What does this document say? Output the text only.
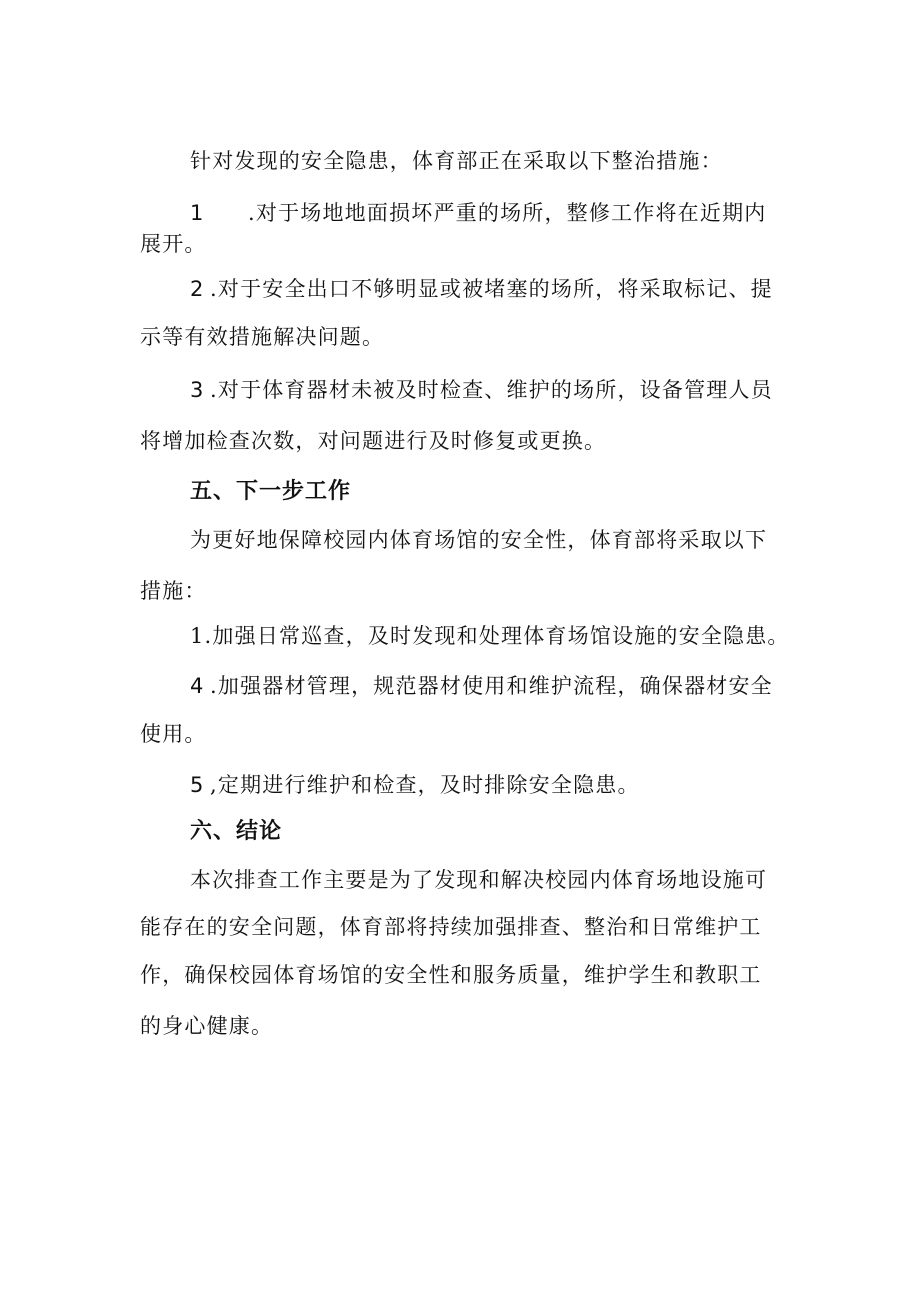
针对发现的安全隐患，体育部正在采取以下整治措施：
1 .对于场地地面损坏严重的场所，整修工作将在近期内
展开。
2 .对于安全出口不够明显或被堵塞的场所，将采取标记、提
示等有效措施解决问题。
3 .对于体育器材未被及时检查、维护的场所，设备管理人员
将增加检查次数，对问题进行及时修复或更换。
五、下一步工作
为更好地保障校园内体育场馆的安全性，体育部将采取以下
措施：
1.加强日常巡查，及时发现和处理体育场馆设施的安全隐患。
4 .加强器材管理，规范器材使用和维护流程，确保器材安全
使用。
5 ,定期进行维护和检查，及时排除安全隐患。
六、结论
本次排查工作主要是为了发现和解决校园内体育场地设施可
能存在的安全问题，体育部将持续加强排查、整治和日常维护工
作，确保校园体育场馆的安全性和服务质量，维护学生和教职工
的身心健康。
